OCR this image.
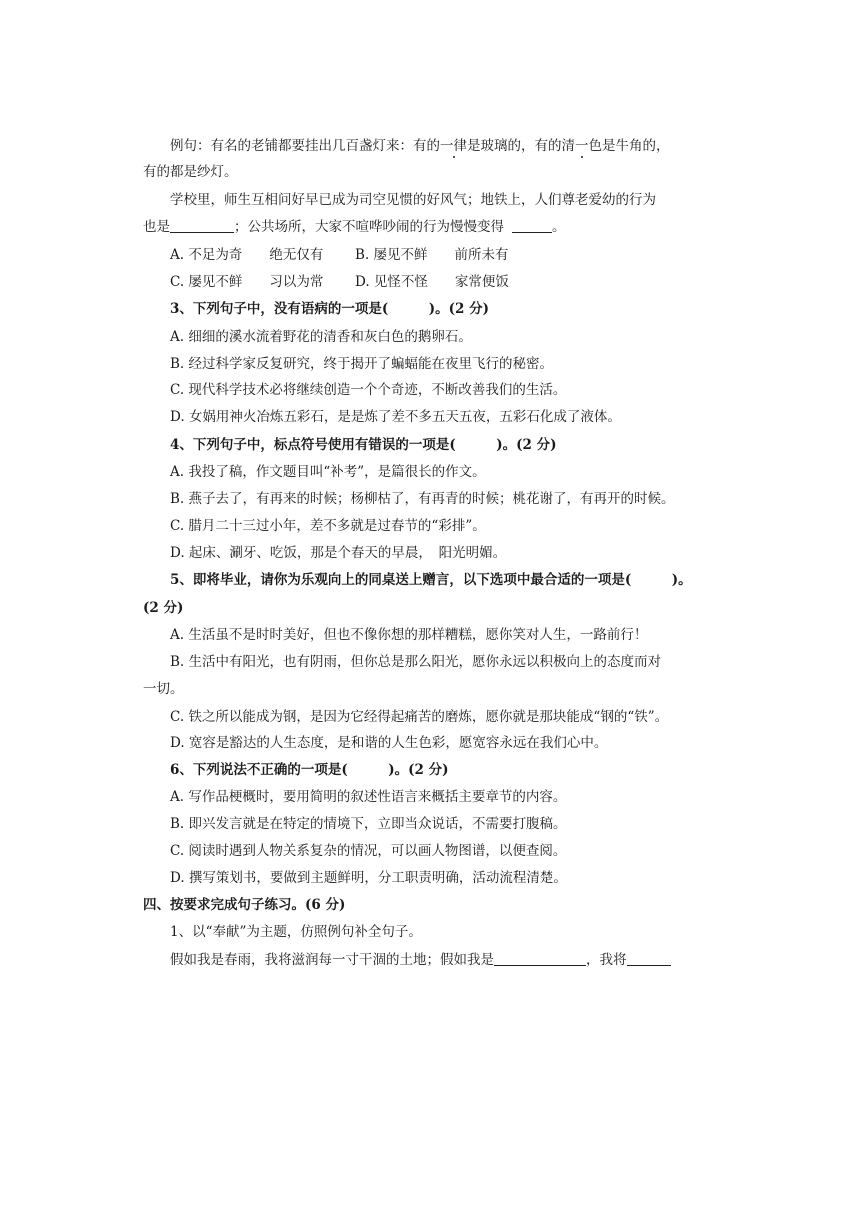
例句：有名的老铺都要挂出几百盏灯来：有的一律是玻璃的，有的清一色是牛角的，
有的都是纱灯。
学校里，师生互相问好早已成为司空见惯的好风气；地铁上，人们尊老爱幼的行为
也是	；公共场所，大家不喧哗吵闹的行为慢慢变得	。
A. 不足为奇　　绝无仅有 B. 屡见不鲜　　前所未有
C. 屡见不鲜　　习以为常 D. 见怪不怪　　家常便饭
3、下列句子中，没有语病的一项是(　　　)。(2 分)
A. 细细的溪水流着野花的清香和灰白色的鹅卵石。
B. 经过科学家反复研究，终于揭开了蝙蝠能在夜里飞行的秘密。
C. 现代科学技术必将继续创造一个个奇迹，不断改善我们的生活。
D. 女娲用神火冶炼五彩石，是是炼了差不多五天五夜，五彩石化成了液体。
4、下列句子中，标点符号使用有错误的一项是(　　　)。(2 分)
A. 我投了稿，作文题目叫“补考”，是篇很长的作文。
B. 燕子去了，有再来的时候；杨柳枯了，有再青的时候；桃花谢了，有再开的时候。
C. 腊月二十三过小年，差不多就是过春节的“彩排”。
D. 起床、涮牙、吃饭，那是个春天的早晨，　阳光明媚。
5、即将毕业，请你为乐观向上的同桌送上赠言，以下选项中最合适的一项是(　　　)。
(2 分)
A. 生活虽不是时时美好，但也不像你想的那样糟糕，愿你笑对人生，一路前行！
B. 生活中有阳光，也有阴雨，但你总是那么阳光，愿你永远以积极向上的态度而对
一切。
C. 铁之所以能成为钢，是因为它经得起痛苦的磨炼，愿你就是那块能成“钢的“铁”。
D. 宽容是豁达的人生态度，是和谐的人生色彩，愿宽容永远在我们心中。
6、下列说法不正确的一项是(　　　)。(2 分)
A. 写作品梗概时，要用简明的叙述性语言来概括主要章节的内容。
B. 即兴发言就是在特定的情境下，立即当众说话，不需要打腹稿。
C. 阅读时遇到人物关系复杂的情况，可以画人物图谱，以便查阅。
D. 撰写策划书，要做到主题鲜明，分工职责明确，活动流程清楚。
四、按要求完成句子练习。(6 分)
1、以“奉献”为主题，仿照例句补全句子。
假如我是春雨，我将滋润每一寸干涸的土地；假如我是	，我将
